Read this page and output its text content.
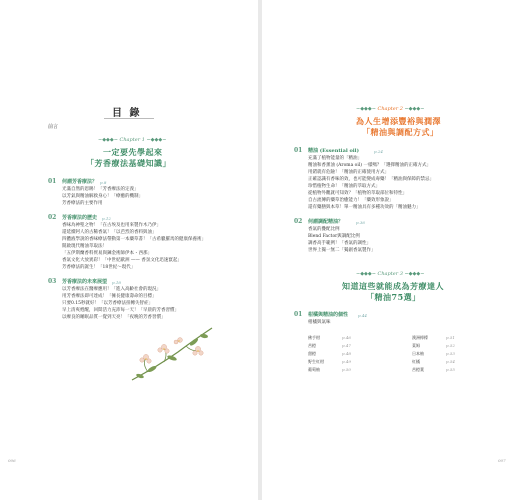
目 錄
前言
~◆◆◆~ Chapter 1 ~◆◆◆~
一定要先學起來
「芳香療法基礎知識」
01 何謂芳香療法？ p.8
光滿自然的恩賜！「芳香療法的定義」
以芳氣與精油解救身心！「療癒的機制」
芳香療法的主要作用
02 芳香療法的歷史 p.12
香味為神聖之物！「在古埃及也用來製作木乃伊」
還延續阿人的古稀香氣！「以芭烈的香料與油」
四體液學說的香味療法帶動第一本藥草書！「古希臘羅馬的健康保養術」
開啟現代精油萃取法！
「五伊斯蘭香料貿易與鍊金術師伊本・西那」
香氣文化大放異彩！「中世紀歐洲 —— 香氛文化迅速竄起」
芳香療法的誕生！「18世紀〜現代」
03 芳香療法的未來展望 p.18
以芳香療法在醫療應用！「進入高齡社會的現況」
用芳香療法即可達成！「擁長健康壽命的目標」
只要0.15秒就好！「以芳香療法扭轉失智症」
早上清爽甦醒，回間活力充沛每一天！「早晨的芳香習慣」
以療良的睡眠品質一覺到天亮！「夜晚的芳香習慣」
006
~◆◆◆~ Chapter 2 ~◆◆◆~
為人生增添豐裕與潤澤
「精油與調配方式」
01 精油 (Essential oil)	p.24
充滿了植物能量的「精油」
精油和香薰油 (Aroma oil) 一樣嗎？「選擇精油的正確方式」
用錯就有危險！「精油的正確使用方式」
正確認識有香味的效，也可能變成毒藥！「精油與保障的禁忌」
珍惜植物生命！「精油的萃取方式」
從植物外觀就可知效？「植物的萃取部位和特性」
自古流傳的藥草治癒能力！「藥效形象說」
還有藥膳與本草！單一精油具有多種功效的「精油魅力」
02 何謂調配精油？	p.36
香氣的疊配比例
Blend Factor與調配比例
調香高手範例！「香氣的調性」
世界上獨一無二「獨創香氣製作」
~◆◆◆~ Chapter 3 ~◆◆◆~
知道這些就能成為芳療達人
「精油75選」
01 柑橘與精油的個性 p.44
柑橘與氣味
佛手柑	p.46
苦橙	p.47
甜橙	p.48
野生紅柑	p.49
葡萄柚	p.50
澳洲檸檬	p.51
萊姆	p.52
日本柚	p.53
紅橘	p.54
苦橙葉	p.55
007
